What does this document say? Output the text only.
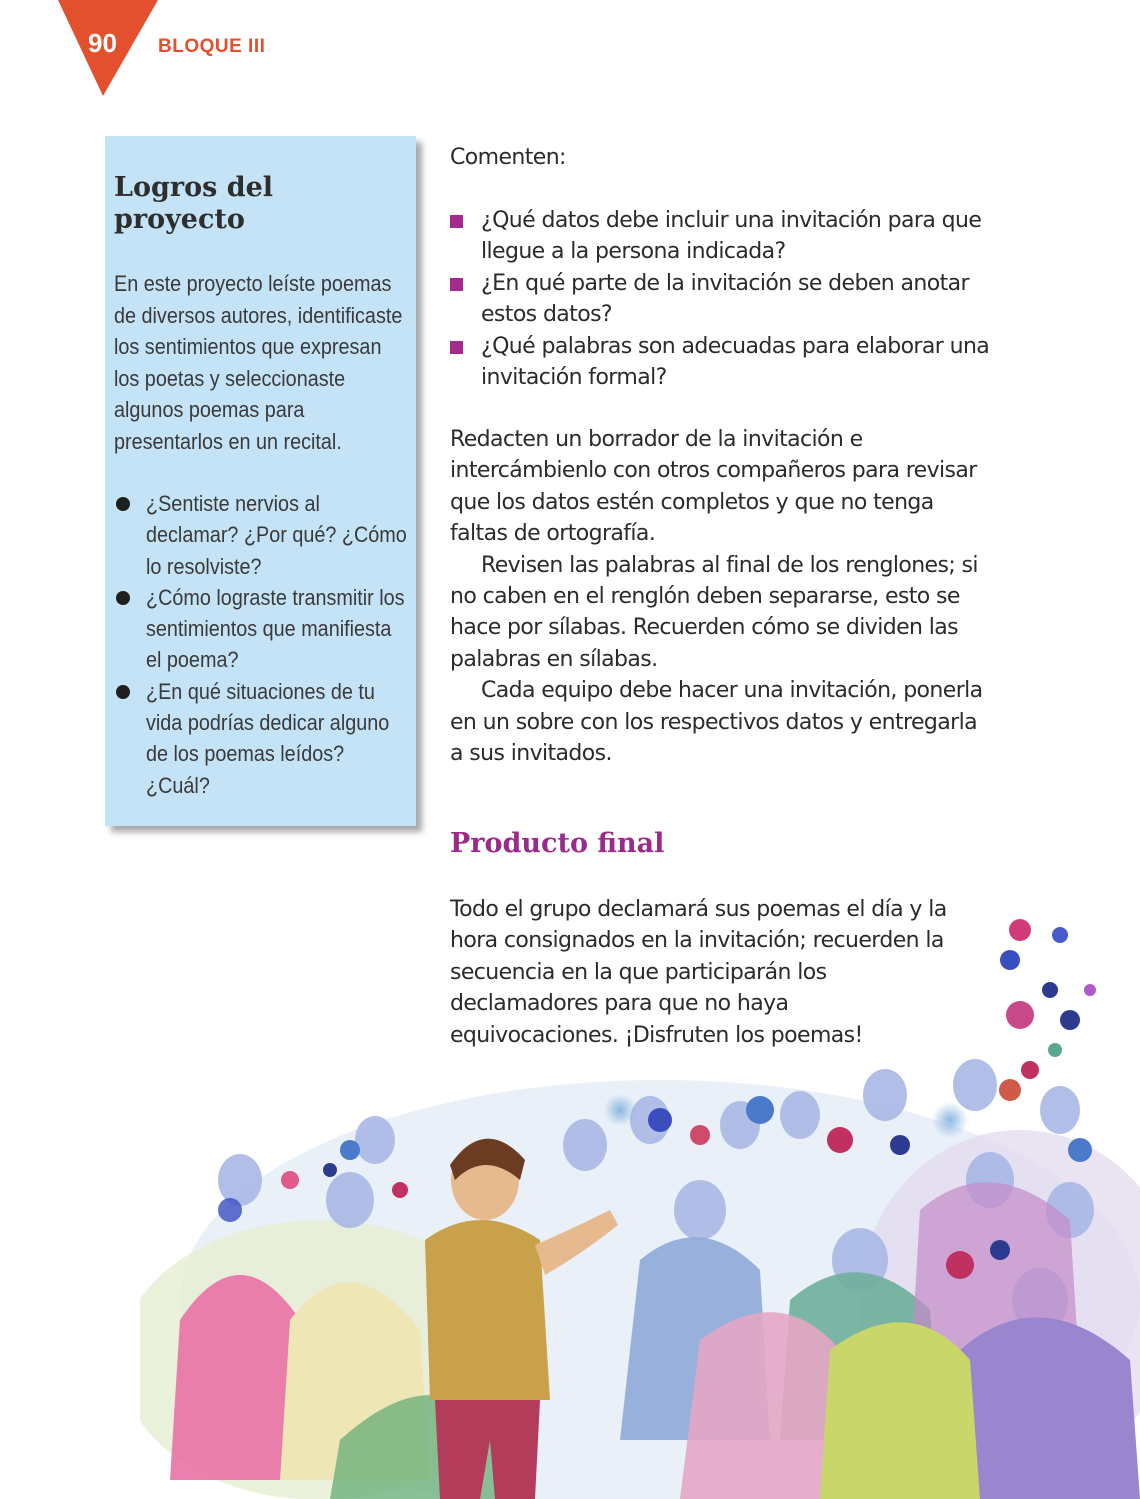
90 BLOQUE III
Logros del proyecto

En este proyecto leíste poemas de diversos autores, identificaste los sentimientos que expresan los poetas y seleccionaste algunos poemas para presentarlos en un recital.

¿Sentiste nervios al declamar? ¿Por qué? ¿Cómo lo resolviste?
¿Cómo lograste transmitir los sentimientos que manifiesta el poema?
¿En qué situaciones de tu vida podrías dedicar alguno de los poemas leídos? ¿Cuál?

Comenten:

¿Qué datos debe incluir una invitación para que llegue a la persona indicada?
¿En qué parte de la invitación se deben anotar estos datos?
¿Qué palabras son adecuadas para elaborar una invitación formal?

Redacten un borrador de la invitación e intercámbienlo con otros compañeros para revisar que los datos estén completos y que no tenga faltas de ortografía.

Revisen las palabras al final de los renglones; si no caben en el renglón deben separarse, esto se hace por sílabas. Recuerden cómo se dividen las palabras en sílabas.

Cada equipo debe hacer una invitación, ponerla en un sobre con los respectivos datos y entregarla a sus invitados.

Producto final

Todo el grupo declamará sus poemas el día y la hora consignados en la invitación; recuerden la secuencia en la que participarán los declamadores para que no haya equivocaciones. ¡Disfruten los poemas!
